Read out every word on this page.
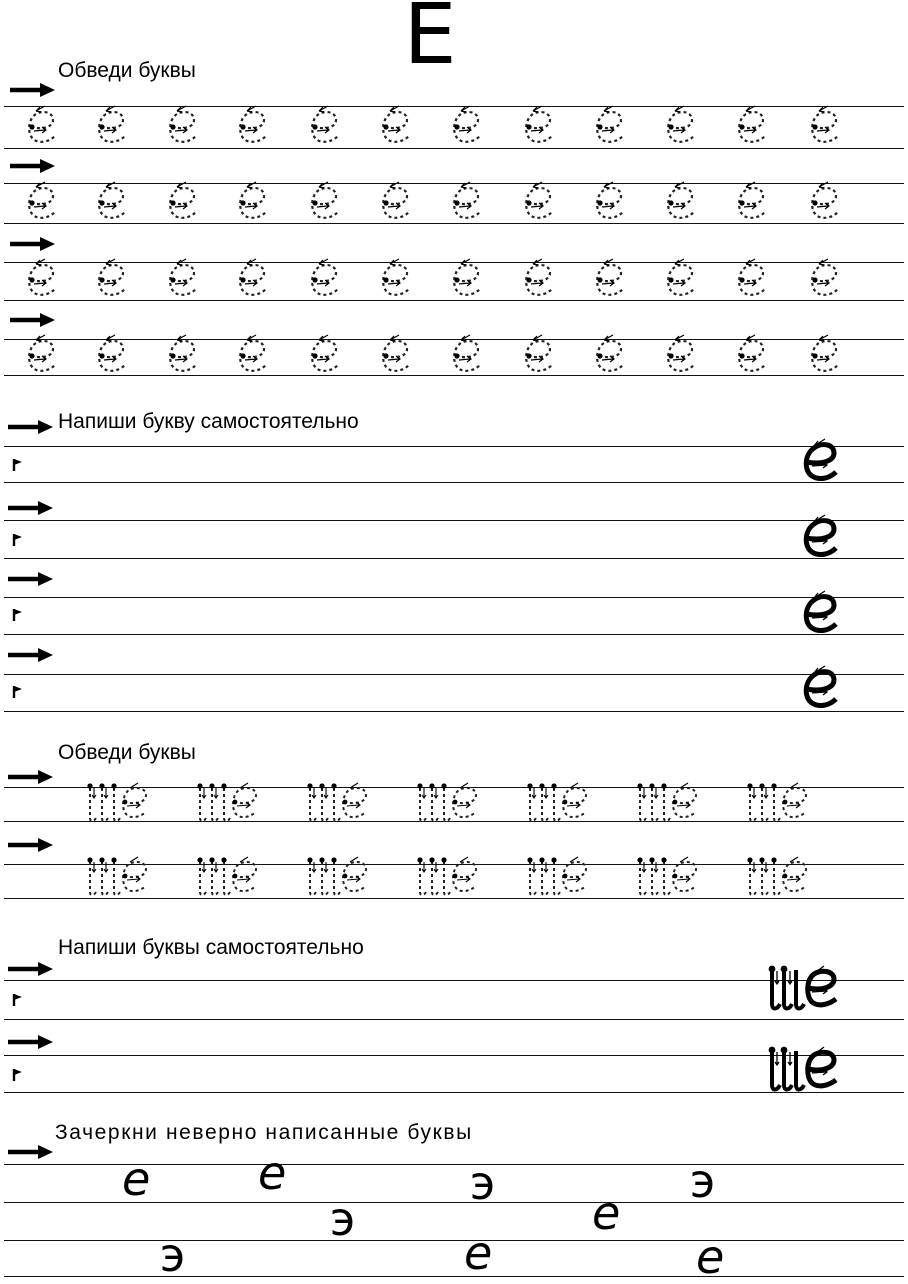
Е
Обведи буквы
Напиши букву самостоятельно
Обведи буквы
Напиши буквы самостоятельно
Зачеркни неверно написанные буквы
е е
э
э
е
э
э	е	е
